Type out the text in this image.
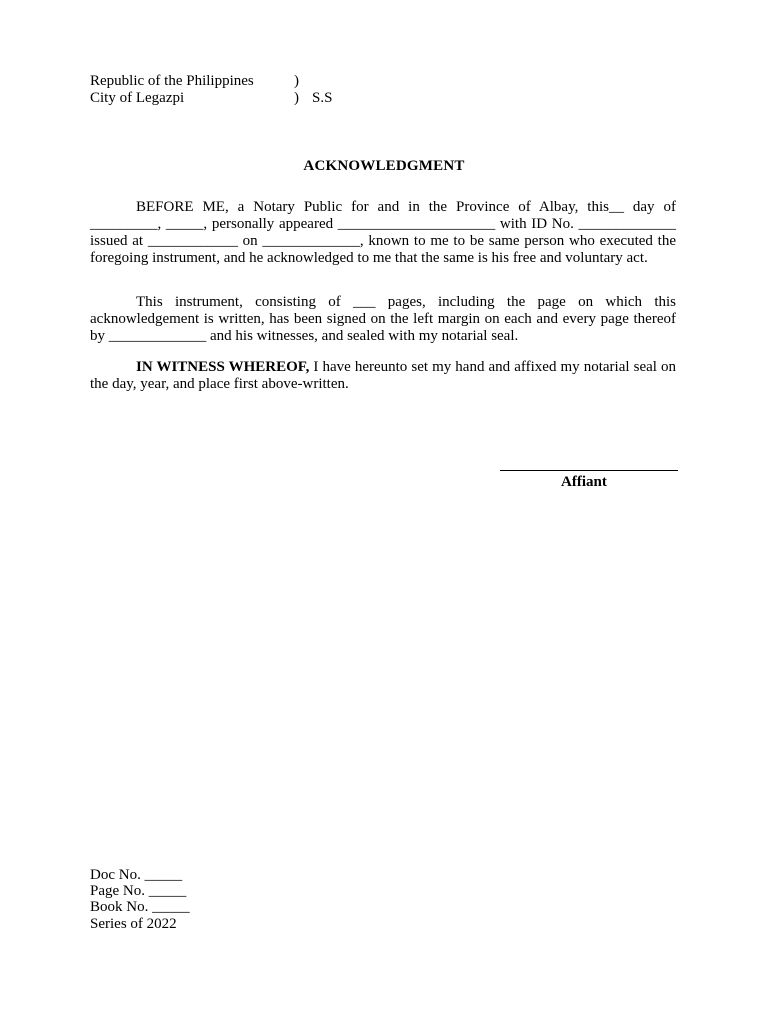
Republic of the Philippines	)
City of Legazpi	) S.S
ACKNOWLEDGMENT
BEFORE ME, a Notary Public for and in the Province of Albay, this__ day of _________, _____, personally appeared _____________________ with ID No. _____________ issued at ____________ on _____________, known to me to be same person who executed the foregoing instrument, and he acknowledged to me that the same is his free and voluntary act.
This instrument, consisting of ___ pages, including the page on which this acknowledgement is written, has been signed on the left margin on each and every page thereof by _____________ and his witnesses, and sealed with my notarial seal.
IN WITNESS WHEREOF, I have hereunto set my hand and affixed my notarial seal on the day, year, and place first above-written.
Affiant
Doc No. _____
Page No. _____
Book No. _____
Series of 2022
